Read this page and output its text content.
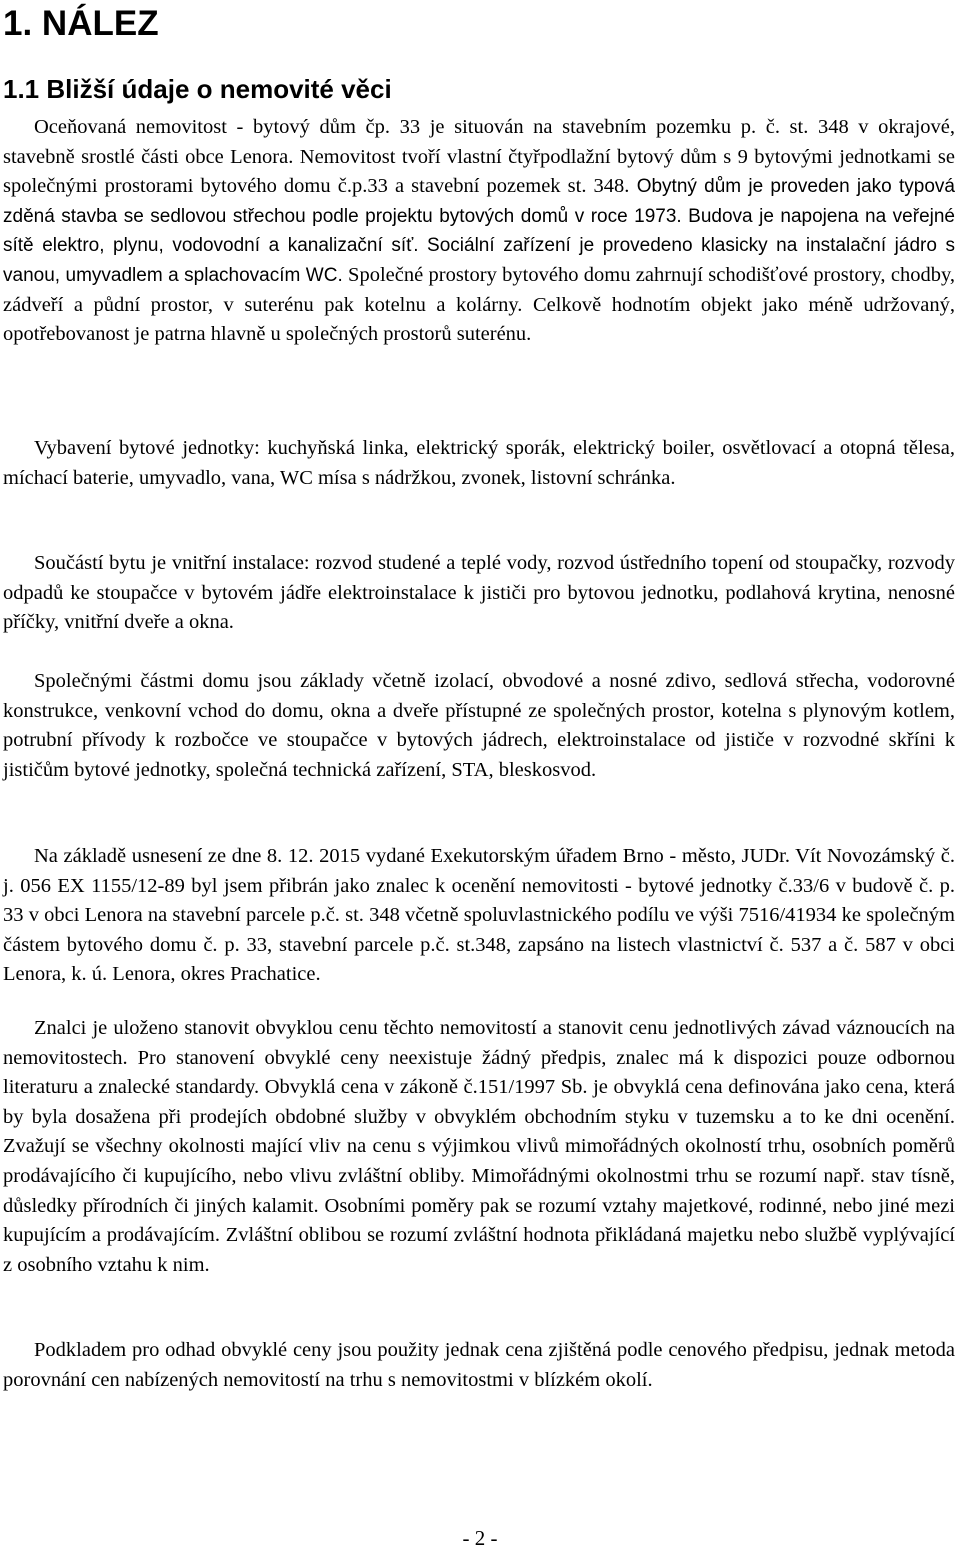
1. NÁLEZ
1.1 Bližší údaje o nemovité věci

Oceňovaná nemovitost - bytový dům čp. 33 je situován na stavebním pozemku p. č. st. 348 v okrajové, stavebně srostlé části obce Lenora. Nemovitost tvoří vlastní čtyřpodlažní bytový dům s 9 bytovými jednotkami se společnými prostorami bytového domu č.p.33 a stavební pozemek st. 348. Obytný dům je proveden jako typová zděná stavba se sedlovou střechou podle projektu bytových domů v roce 1973. Budova je napojena na veřejné sítě elektro, plynu, vodovodní a kanalizační síť. Sociální zařízení je provedeno klasicky na instalační jádro s vanou, umyvadlem a splachovacím WC. Společné prostory bytového domu zahrnují schodišťové prostory, chodby, zádveří a půdní prostor, v suterénu pak kotelnu a kolárny. Celkově hodnotím objekt jako méně udržovaný, opotřebovanost je patrna hlavně u společných prostorů suterénu.

Vybavení bytové jednotky: kuchyňská linka, elektrický sporák, elektrický boiler, osvětlovací a otopná tělesa, míchací baterie, umyvadlo, vana, WC mísa s nádržkou, zvonek, listovní schránka.

Součástí bytu je vnitřní instalace: rozvod studené a teplé vody, rozvod ústředního topení od stoupačky, rozvody odpadů ke stoupačce v bytovém jádře elektroinstalace k jističi pro bytovou jednotku, podlahová krytina, nenosné příčky, vnitřní dveře a okna.

Společnými částmi domu jsou základy včetně izolací, obvodové a nosné zdivo, sedlová střecha, vodorovné konstrukce, venkovní vchod do domu, okna a dveře přístupné ze společných prostor, kotelna s plynovým kotlem, potrubní přívody k rozbočce ve stoupačce v bytových jádrech, elektroinstalace od jističe v rozvodné skříni k jističům bytové jednotky, společná technická zařízení, STA, bleskosvod.

Na základě usnesení ze dne 8. 12. 2015 vydané Exekutorským úřadem Brno - město, JUDr. Vít Novozámský č. j. 056 EX 1155/12-89 byl jsem přibrán jako znalec k ocenění nemovitosti - bytové jednotky č.33/6 v budově č. p. 33 v obci Lenora na stavební parcele p.č. st. 348 včetně spoluvlastnického podílu ve výši 7516/41934 ke společným částem bytového domu č. p. 33, stavební parcele p.č. st.348, zapsáno na listech vlastnictví č. 537 a č. 587 v obci Lenora, k. ú. Lenora, okres Prachatice.

Znalci je uloženo stanovit obvyklou cenu těchto nemovitostí a stanovit cenu jednotlivých závad váznoucích na nemovitostech. Pro stanovení obvyklé ceny neexistuje žádný předpis, znalec má k dispozici pouze odbornou literaturu a znalecké standardy. Obvyklá cena v zákoně č.151/1997 Sb. je obvyklá cena definována jako cena, která by byla dosažena při prodejích obdobné služby v obvyklém obchodním styku v tuzemsku a to ke dni ocenění. Zvažují se všechny okolnosti mající vliv na cenu s výjimkou vlivů mimořádných okolností trhu, osobních poměrů prodávajícího či kupujícího, nebo vlivu zvláštní obliby. Mimořádnými okolnostmi trhu se rozumí např. stav tísně, důsledky přírodních či jiných kalamit. Osobními poměry pak se rozumí vztahy majetkové, rodinné, nebo jiné mezi kupujícím a prodávajícím. Zvláštní oblibou se rozumí zvláštní hodnota přikládaná majetku nebo službě vyplývající z osobního vztahu k nim.

Podkladem pro odhad obvyklé ceny jsou použity jednak cena zjištěná podle cenového předpisu, jednak metoda porovnání cen nabízených nemovitostí na trhu s nemovitostmi v blízkém okolí.

- 2 -
